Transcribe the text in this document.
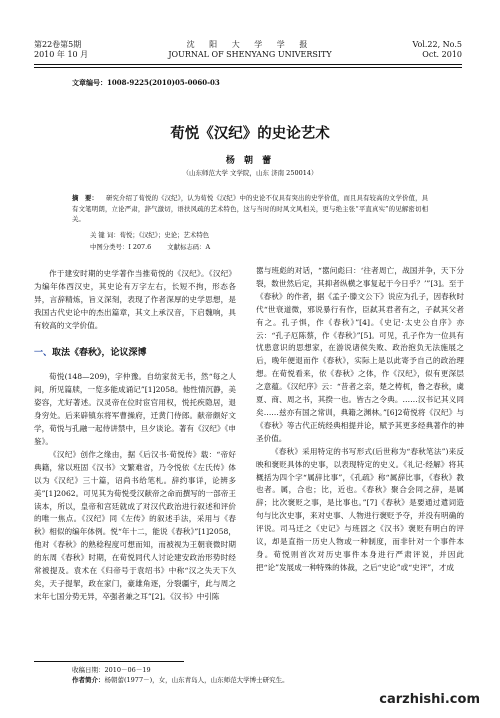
第22卷第5期
2010 年 10 月
沈 阳 大 学 学 报
JOURNAL OF SHENYANG UNIVERSITY
Vol.22, No.5
Oct. 2010
文章编号：1008-9225(2010)05-0060-03
荀悦《汉纪》的史论艺术
杨 朝 蕾
（山东师范大学 文学院，山东 济南 250014）
摘　要： 研究介绍了荀悦的《汉纪》，认为荀悦《汉纪》中的史论不仅具有突出的史学价值，而且具有较高的文学价值，具有文笔明朗，立论严肃，辞气激切，语扶风疏的艺术特色，这与当时的时风文风相关，更与绝主张“平直真实”的见解密切相关。
关 键 词：荀悦；《汉纪》；史论；艺术特色
中图分类号：I 207.6	文献标志码：A

作于建安时期的史学著作当推荀悦的《汉纪》。《汉纪》为编年体西汉史，其史论有万字左右，长短不拘，形态各异，言辞精炼，旨义深刻，表现了作者深厚的史学思想，是我国古代史论中的杰出篇章，其文上承汉音，下启魏响，具有较高的文学价值。

一、取法《春秋》，论议深博

荀悦(148—209)，字仲豫。自幼家贫无书，然“每之人间，所见篇牍，一览多能成诵记”[1]2058。他性情沉静，美姿容，尤好著述。汉灵帝在位时宦官用权，悦托疾隐居，退身穷处。后来辟镇东将军曹操府，迁黄门侍郎。献帝颇好文学，荀悦与孔融一起侍讲禁中，旦夕谈论。著有《汉纪》《申鉴》。

《汉纪》创作之缘由，据《后汉书·荀悦传》载：“帝好典籍，常以班固《汉书》文繁难省，乃令悦依《左氏传》体以为《汉纪》三十篇，诏尚书给笔札。辞约事详，论辨多美”[1]2062。可见其为荀悦受汉献帝之命而撰写的一部帝王读本，所以，皇帝和宫廷就成了对汉代政治进行叙述和评价的唯一焦点。《汉纪》同《左传》的叙述手法，采用与《春秋》相似的编年体例。悦“年十二，能说《春秋》”[1]2058，他对《春秋》的熟稔程度可想而知，而被视为王朝衰微时期的东周《春秋》时期，在荀悦同代人讨论建安政治形势时经常被提及。袁术在《归帝号于袁绍书》中称“汉之失天下久矣，天子提挈，政在家门，豪雄角逐，分裂疆宇，此与周之末年七国分势无异，卒强者兼之耳”[2]。《汉书》中引陈

嚣与班彪的对话，“嚣问彪曰：‘往者周亡，战国并争，天下分裂，数世然后定，其抑者纵横之事复起于今日乎？’”[3]。至于《春秋》的作者，据《孟子·滕文公下》说应为孔子，因春秋时代“世衰道微，邪说暴行有作，臣弑其君者有之，子弑其父者有之。孔子惧，作《春秋》”[4]。《史记·太史公自序》亦云：“孔子厄陈蔡，作《春秋》”[5]。可见，孔子作为一位具有忧患意识的思想家，在游说诸侯失败、政治抱负无法施展之后，晚年便退而作《春秋》，实际上是以此寄予自己的政治理想。在荀悦看来，依《春秋》之体，作《汉纪》，似有更深层之意蕴。《汉纪序》云：“昔者之亲，楚之梼杌，鲁之春秋，虞夏、商、周之书，其揆一也。皆古之令典。……汉书记其义同矣……兹亦有国之常训，典籍之渊林。”[6]2荀悦将《汉纪》与《春秋》等古代正统经典相提并论，赋予其更多经典著作的神圣价值。

《春秋》采用特定的书写形式(后世称为“春秋笔法”)来反映和褒贬具体的史事，以表现特定的史义。《礼记·经解》将其概括为四个字“属辞比事”，《孔疏》称“属辞比事，《春秋》教也者。属，合也；比，近也。《春秋》聚合会同之辞，是属辞；比次褒贬之事，是比事也。”[7]《春秋》是要通过遣词造句与比次史事，来对史事、人物进行褒贬予夺，并没有明确的评说。司马迁之《史记》与班固之《汉书》褒贬有明白的评议，却是直指一历史人物或一种制度，而非针对一个事件本身。荀悦则首次对历史事件本身进行严肃评说，并因此把“论”发展成一种特殊的体裁，之后“史论”或“史评”，才成

收稿日期：2010－06－19
作者简介：杨朝蕾(1977－)，女，山东青岛人，山东师范大学博士研究生。
carzhishi.com
